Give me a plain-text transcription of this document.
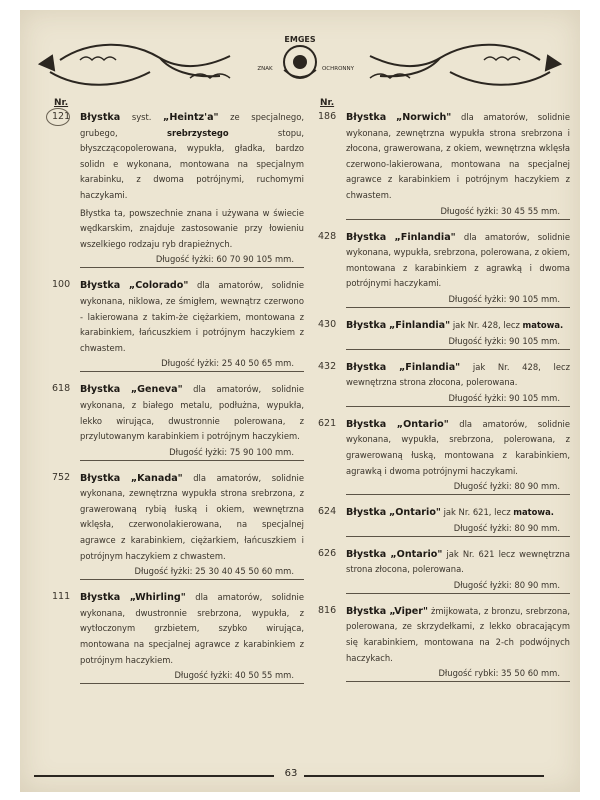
EMGES
ZNAK	OCHRONNY
Nr.
121	Błystka syst. „Heintz'a" ze specjalnego, grubego, srebrzystego stopu, błyszczącopolerowana, wypukła, gładka, bardzo solidn e wykonana, montowana na specjalnym karabinku, z dwoma potrójnymi, ruchomymi haczykami.
Błystka ta, powszechnie znana i używana w świecie wędkarskim, znajduje zastosowanie przy łowieniu wszelkiego rodzaju ryb drapieżnych.
Długość łyżki: 60 70 90 105 mm.
100	Błystka „Colorado" dla amatorów, solidnie wykonana, niklowa, ze śmigłem, wewnątrz czerwono - lakierowana z takim-że ciężarkiem, montowana z karabinkiem, łańcuszkiem i potrójnym haczykiem z chwastem.
Długość łyżki: 25 40 50 65 mm.
618	Błystka „Geneva" dla amatorów, solidnie wykonana, z białego metalu, podłużna, wypukła, lekko wirująca, dwustronnie polerowana, z przylutowanym karabinkiem i potrójnym haczykiem.
Długość łyżki: 75 90 100 mm.
752	Błystka „Kanada" dla amatorów, solidnie wykonana, zewnętrzna wypukła strona srebrzona, z grawerowaną rybią łuską i okiem, wewnętrzna wklęsła, czerwonolakierowana, na specjalnej agrawce z karabinkiem, ciężarkiem, łańcuszkiem i potrójnym haczykiem z chwastem.
Długość łyżki: 25 30 40 45 50 60 mm.
111	Błystka „Whirling" dla amatorów, solidnie wykonana, dwustronnie srebrzona, wypukła, z wytłoczonym grzbietem, szybko wirująca, montowana na specjalnej agrawce z karabinkiem z potrójnym haczykiem.
Długość łyżki: 40 50 55 mm.
Nr.
186	Błystka „Norwich" dla amatorów, solidnie wykonana, zewnętrzna wypukła strona srebrzona i złocona, grawerowana, z okiem, wewnętrzna wklęsła czerwono-lakierowana, montowana na specjalnej agrawce z karabinkiem i potrójnym haczykiem z chwastem.
Długość łyżki: 30 45 55 mm.
428	Błystka „Finlandia" dla amatorów, solidnie wykonana, wypukła, srebrzona, polerowana, z okiem, montowana z karabinkiem z agrawką i dwoma potrójnymi haczykami.
Długość łyżki: 90 105 mm.
430	Błystka „Finlandia" jak Nr. 428, lecz matowa.
Długość łyżki: 90 105 mm.
432	Błystka „Finlandia" jak Nr. 428, lecz wewnętrzna strona złocona, polerowana.
Długość łyżki: 90 105 mm.
621	Błystka „Ontario" dla amatorów, solidnie wykonana, wypukła, srebrzona, polerowana, z grawerowaną łuską, montowana z karabinkiem, agrawką i dwoma potrójnymi haczykami.
Długość łyżki: 80 90 mm.
624	Błystka „Ontario" jak Nr. 621, lecz matowa.
Długość łyżki: 80 90 mm.
626	Błystka „Ontario" jak Nr. 621 lecz wewnętrzna strona złocona, polerowana.
Długość łyżki: 80 90 mm.
816	Błystka „Viper" żmijkowata, z bronzu, srebrzona, polerowana, ze skrzydełkami, z lekko obracającym się karabinkiem, montowana na 2-ch podwójnych haczykach.
Długość rybki: 35 50 60 mm.
63
